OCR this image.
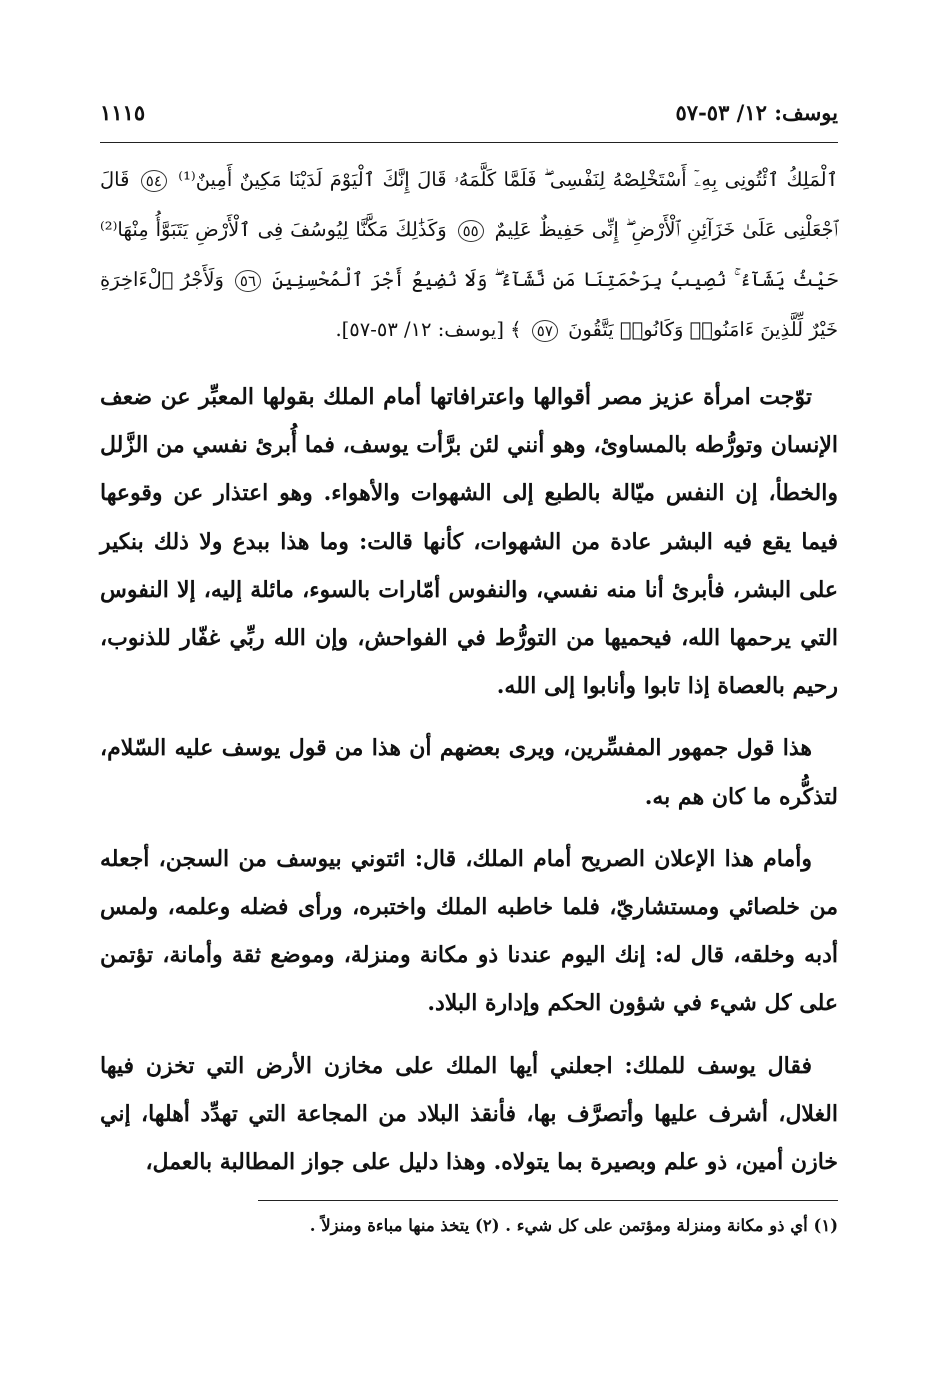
يوسف: ١٢/ ٥٣-٥٧
١١١٥
ٱلْمَلِكُ ٱئْتُونِى بِهِۦٓ أَسْتَخْلِصْهُ لِنَفْسِى ۖ فَلَمَّا كَلَّمَهُۥ قَالَ إِنَّكَ ٱلْيَوْمَ لَدَيْنَا مَكِينٌ أَمِينٌ⁽¹⁾ ٥٤ قَالَ ٱجْعَلْنِى عَلَىٰ خَزَآئِنِ ٱلْأَرْضِ ۖ إِنِّى حَفِيظٌ عَلِيمٌ ٥٥ وَكَذَٰلِكَ مَكَّنَّا لِيُوسُفَ فِى ٱلْأَرْضِ يَتَبَوَّأُ مِنْهَا⁽²⁾ حَيْثُ يَشَآءُ ۚ نُصِيبُ بِرَحْمَتِنَا مَن نَّشَآءُ ۖ وَلَا نُضِيعُ أَجْرَ ٱلْمُحْسِنِينَ ٥٦ وَلَأَجْرُ ٱلْءَاخِرَةِ خَيْرٌ لِّلَّذِينَ ءَامَنُوا۟ وَكَانُوا۟ يَتَّقُونَ ٥٧ ﴾ [يوسف: ١٢/ ٥٣-٥٧].

توّجت امرأة عزيز مصر أقوالها واعترافاتها أمام الملك بقولها المعبِّر عن ضعف الإنسان وتورُّطه بالمساوئ، وهو أنني لئن برَّأت يوسف، فما أُبرئ نفسي من الزَّلل والخطأ، إن النفس ميّالة بالطبع إلى الشهوات والأهواء. وهو اعتذار عن وقوعها فيما يقع فيه البشر عادة من الشهوات، كأنها قالت: وما هذا ببدع ولا ذلك بنكير على البشر، فأبرئ أنا منه نفسي، والنفوس أمّارات بالسوء، مائلة إليه، إلا النفوس التي يرحمها الله، فيحميها من التورُّط في الفواحش، وإن الله ربِّي غفّار للذنوب، رحيم بالعصاة إذا تابوا وأنابوا إلى الله.

هذا قول جمهور المفسِّرين، ويرى بعضهم أن هذا من قول يوسف عليه السّلام، لتذكُّره ما كان هم به.

وأمام هذا الإعلان الصريح أمام الملك، قال: ائتوني بيوسف من السجن، أجعله من خلصائي ومستشاريّ، فلما خاطبه الملك واختبره، ورأى فضله وعلمه، ولمس أدبه وخلقه، قال له: إنك اليوم عندنا ذو مكانة ومنزلة، وموضع ثقة وأمانة، تؤتمن على كل شيء في شؤون الحكم وإدارة البلاد.

فقال يوسف للملك: اجعلني أيها الملك على مخازن الأرض التي تخزن فيها الغلال، أشرف عليها وأتصرَّف بها، فأنقذ البلاد من المجاعة التي تهدِّد أهلها، إني خازن أمين، ذو علم وبصيرة بما يتولاه. وهذا دليل على جواز المطالبة بالعمل،

(١) أي ذو مكانة ومنزلة ومؤتمن على كل شيء . (٢) يتخذ منها مباءة ومنزلاً .
